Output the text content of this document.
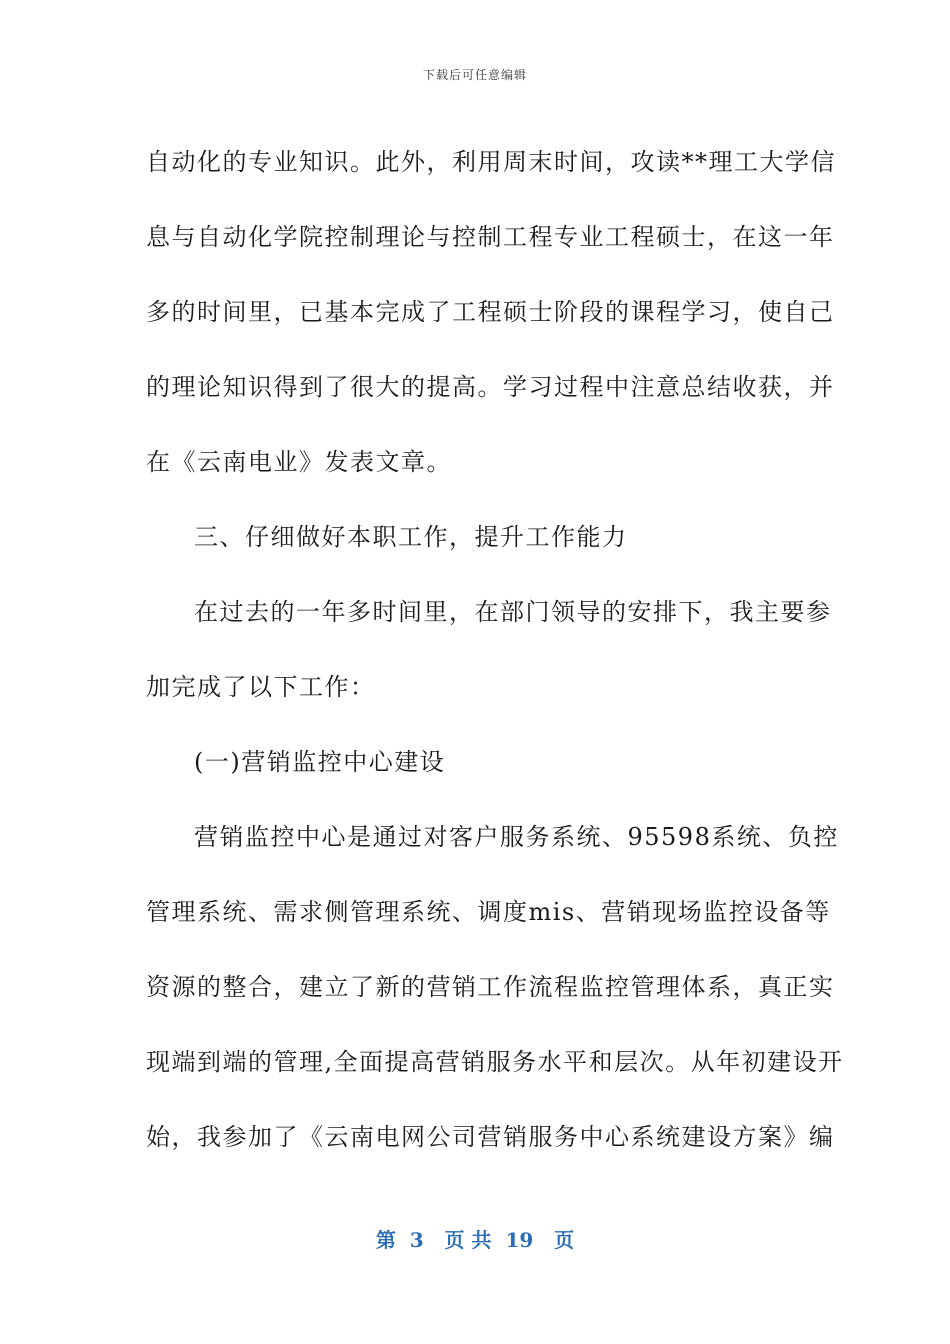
下载后可任意编辑
自动化的专业知识。此外，利用周末时间，攻读**理工大学信
息与自动化学院控制理论与控制工程专业工程硕士，在这一年
多的时间里，已基本完成了工程硕士阶段的课程学习，使自己
的理论知识得到了很大的提高。学习过程中注意总结收获，并
在《云南电业》发表文章。
三、仔细做好本职工作，提升工作能力
在过去的一年多时间里，在部门领导的安排下，我主要参
加完成了以下工作：
(一)营销监控中心建设
营销监控中心是通过对客户服务系统、95598系统、负控
管理系统、需求侧管理系统、调度mis、营销现场监控设备等
资源的整合，建立了新的营销工作流程监控管理体系，真正实
现端到端的管理,全面提高营销服务水平和层次。从年初建设开
始，我参加了《云南电网公司营销服务中心系统建设方案》编
第  3   页 共  19   页
